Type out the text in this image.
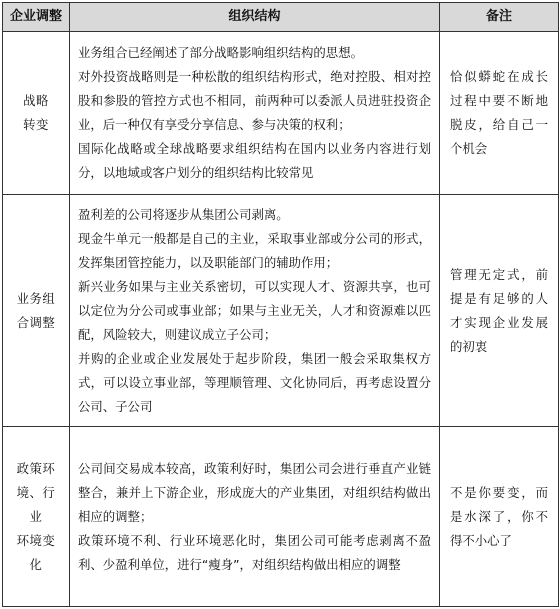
企业调整	组织结构	备注

战略
转变	业务组合已经阐述了部分战略影响组织结构的思想。
对外投资战略则是一种松散的组织结构形式，绝对控股、相对控股和参股的管控方式也不相同，前两种可以委派人员进驻投资企业，后一种仅有享受分享信息、参与决策的权利；
国际化战略或全球战略要求组织结构在国内以业务内容进行划分，以地域或客户划分的组织结构比较常见	恰似蟒蛇在成长过程中要不断地脱皮，给自己一个机会

业务组
合调整	盈利差的公司将逐步从集团公司剥离。
现金牛单元一般都是自己的主业，采取事业部或分公司的形式，发挥集团管控能力，以及职能部门的辅助作用；
新兴业务如果与主业关系密切，可以实现人才、资源共享，也可以定位为分公司或事业部；如果与主业无关，人才和资源难以匹配，风险较大，则建议成立子公司；
并购的企业或企业发展处于起步阶段，集团一般会采取集权方式，可以设立事业部，等理顺管理、文化协同后，再考虑设置分公司、子公司	管理无定式，前提是有足够的人才实现企业发展的初衷

政策环
境、行业
环境变化	公司间交易成本较高，政策利好时，集团公司会进行垂直产业链整合，兼并上下游企业，形成庞大的产业集团，对组织结构做出相应的调整；
政策环境不利、行业环境恶化时，集团公司可能考虑剥离不盈利、少盈利单位，进行“瘦身”，对组织结构做出相应的调整	不是你要变，而是水深了，你不得不小心了
